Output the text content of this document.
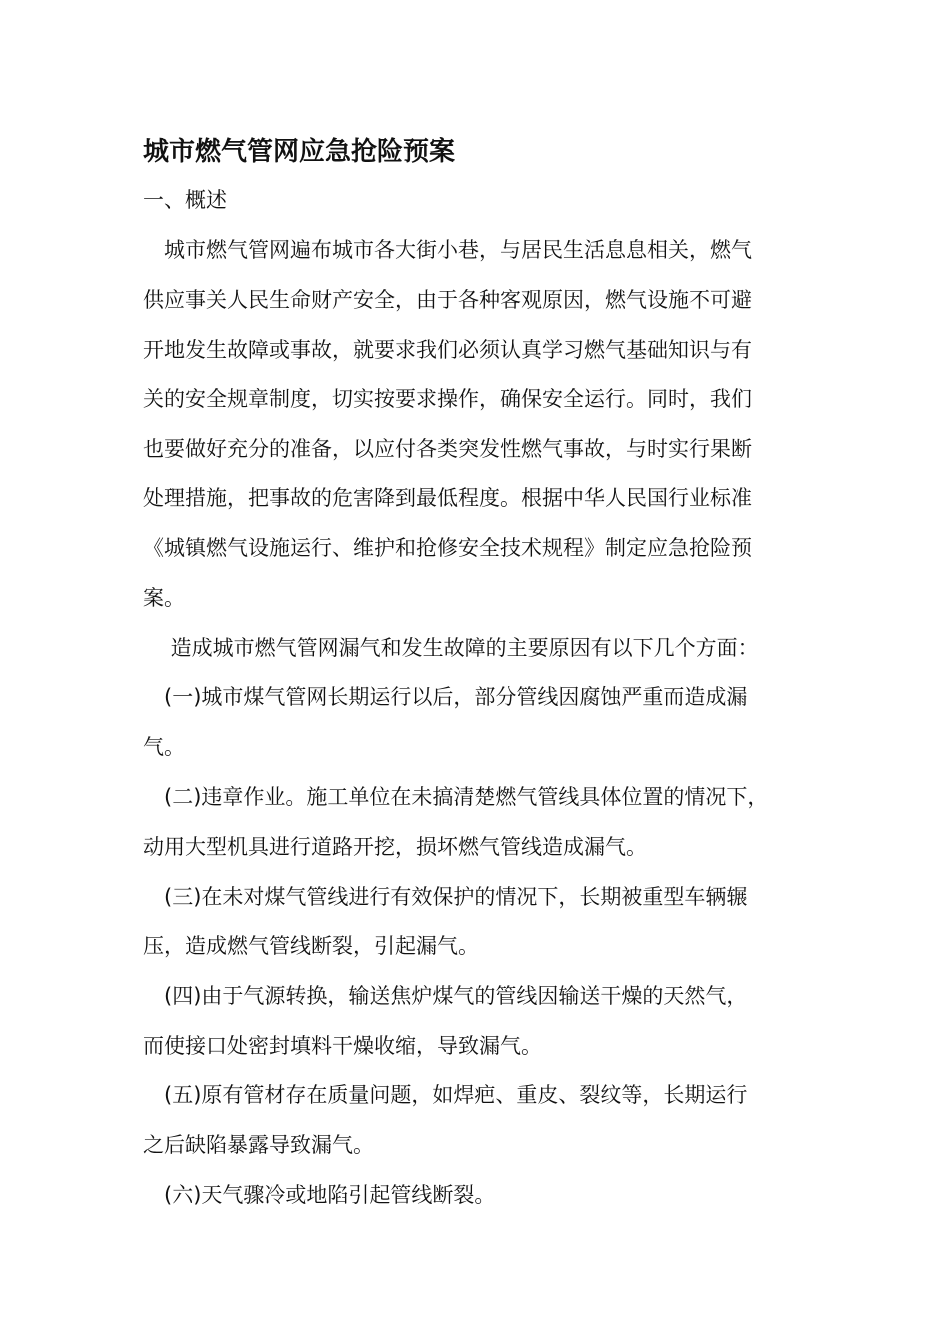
城市燃气管网应急抢险预案
一、概述
　城市燃气管网遍布城市各大街小巷，与居民生活息息相关，燃气
供应事关人民生命财产安全，由于各种客观原因，燃气设施不可避
开地发生故障或事故，就要求我们必须认真学习燃气基础知识与有
关的安全规章制度，切实按要求操作，确保安全运行。同时，我们
也要做好充分的准备，以应付各类突发性燃气事故，与时实行果断
处理措施，把事故的危害降到最低程度。根据中华人民国行业标准
《城镇燃气设施运行、维护和抢修安全技术规程》制定应急抢险预
案。
　 造成城市燃气管网漏气和发生故障的主要原因有以下几个方面：
　(一)城市煤气管网长期运行以后，部分管线因腐蚀严重而造成漏
气。
　(二)违章作业。施工单位在未搞清楚燃气管线具体位置的情况下，
动用大型机具进行道路开挖，损坏燃气管线造成漏气。
　(三)在未对煤气管线进行有效保护的情况下，长期被重型车辆辗
压，造成燃气管线断裂，引起漏气。
　(四)由于气源转换，输送焦炉煤气的管线因输送干燥的天然气，
而使接口处密封填料干燥收缩，导致漏气。
　(五)原有管材存在质量问题，如焊疤、重皮、裂纹等，长期运行
之后缺陷暴露导致漏气。
　(六)天气骤冷或地陷引起管线断裂。
